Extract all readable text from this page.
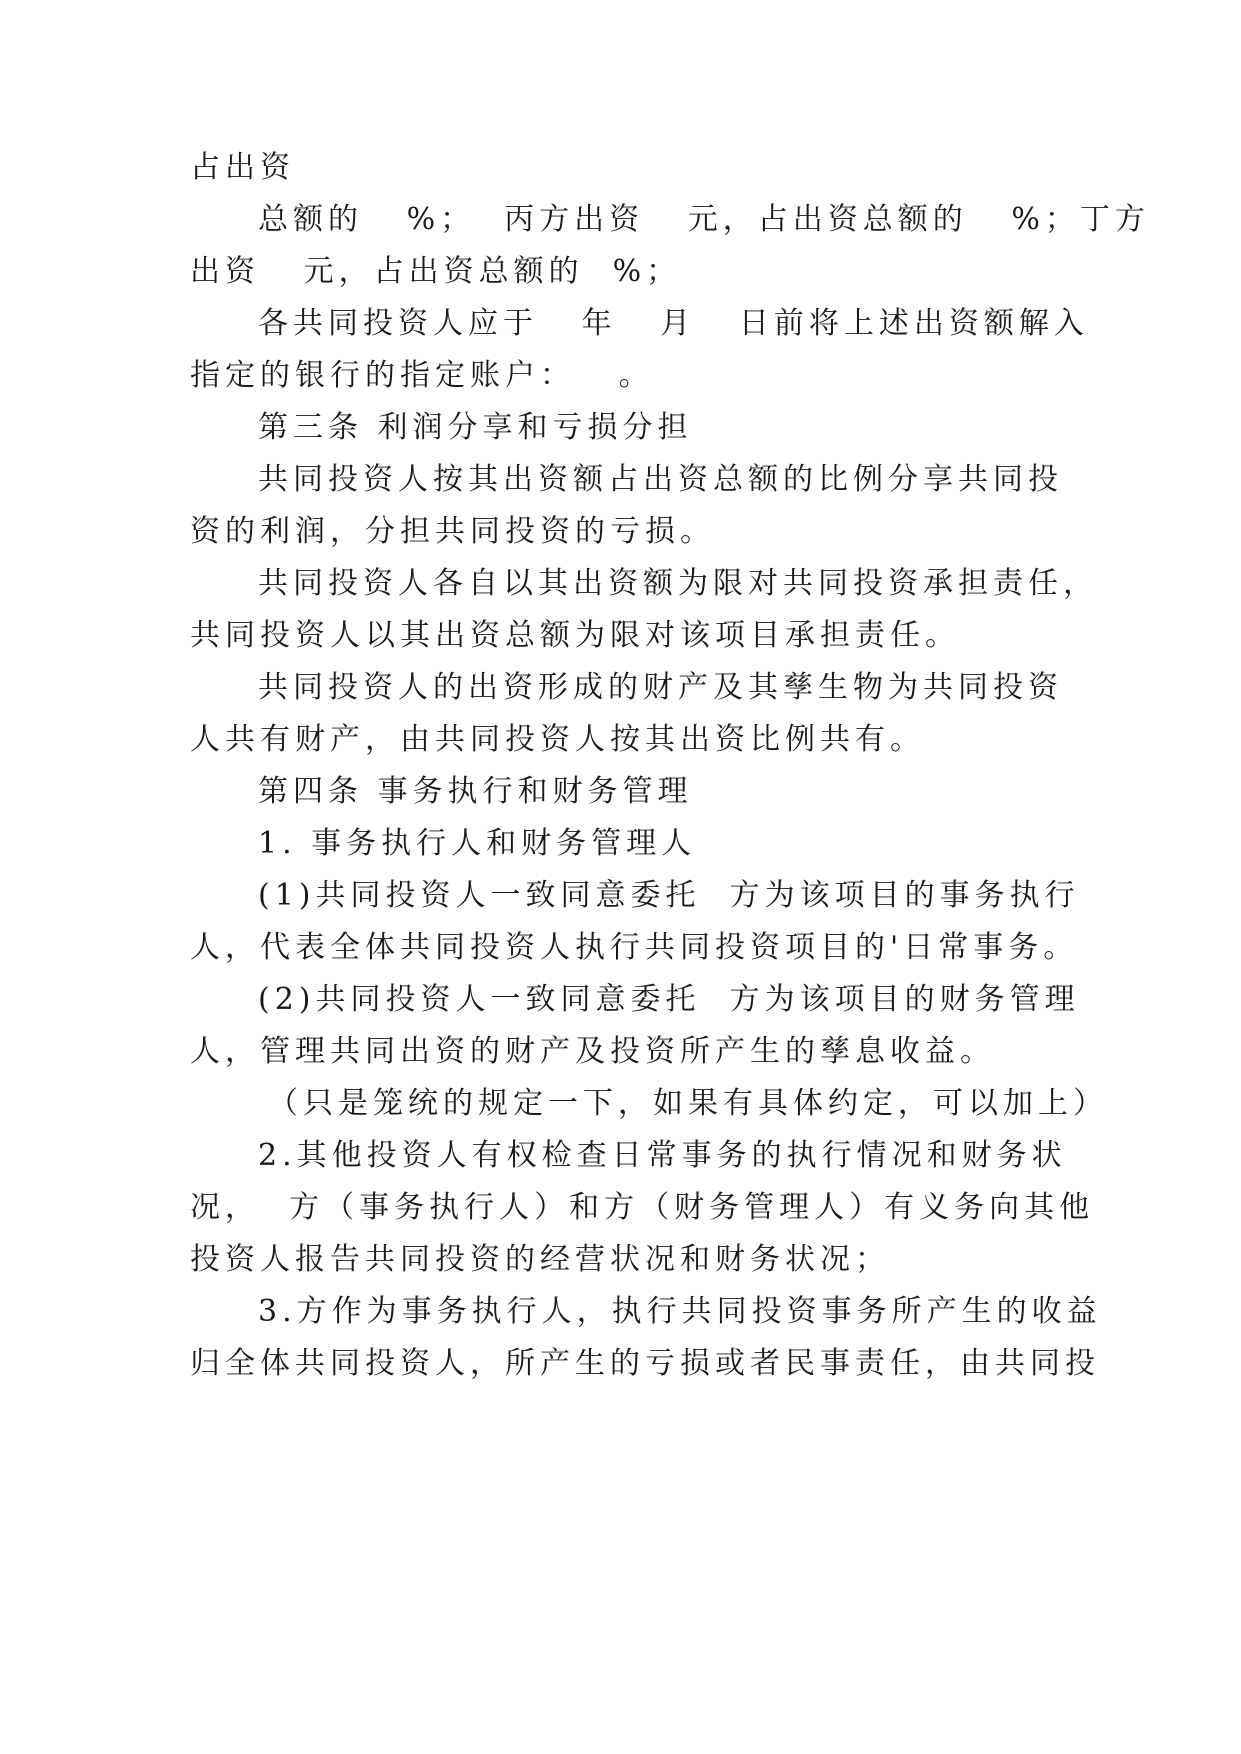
占出资
总额的   %；  丙方出资   元，占出资总额的   %；丁方
出资   元，占出资总额的  %；
各共同投资人应于   年   月   日前将上述出资额解入
指定的银行的指定账户：   。
第三条 利润分享和亏损分担
共同投资人按其出资额占出资总额的比例分享共同投
资的利润，分担共同投资的亏损。
共同投资人各自以其出资额为限对共同投资承担责任，
共同投资人以其出资总额为限对该项目承担责任。
共同投资人的出资形成的财产及其孳生物为共同投资
人共有财产，由共同投资人按其出资比例共有。
第四条 事务执行和财务管理
1. 事务执行人和财务管理人
(1)共同投资人一致同意委托  方为该项目的事务执行
人，代表全体共同投资人执行共同投资项目的'日常事务。
(2)共同投资人一致同意委托  方为该项目的财务管理
人，管理共同出资的财产及投资所产生的孳息收益。
（只是笼统的规定一下，如果有具体约定，可以加上）
2.其他投资人有权检查日常事务的执行情况和财务状
况，  方（事务执行人）和方（财务管理人）有义务向其他
投资人报告共同投资的经营状况和财务状况；
3.方作为事务执行人，执行共同投资事务所产生的收益
归全体共同投资人，所产生的亏损或者民事责任，由共同投
